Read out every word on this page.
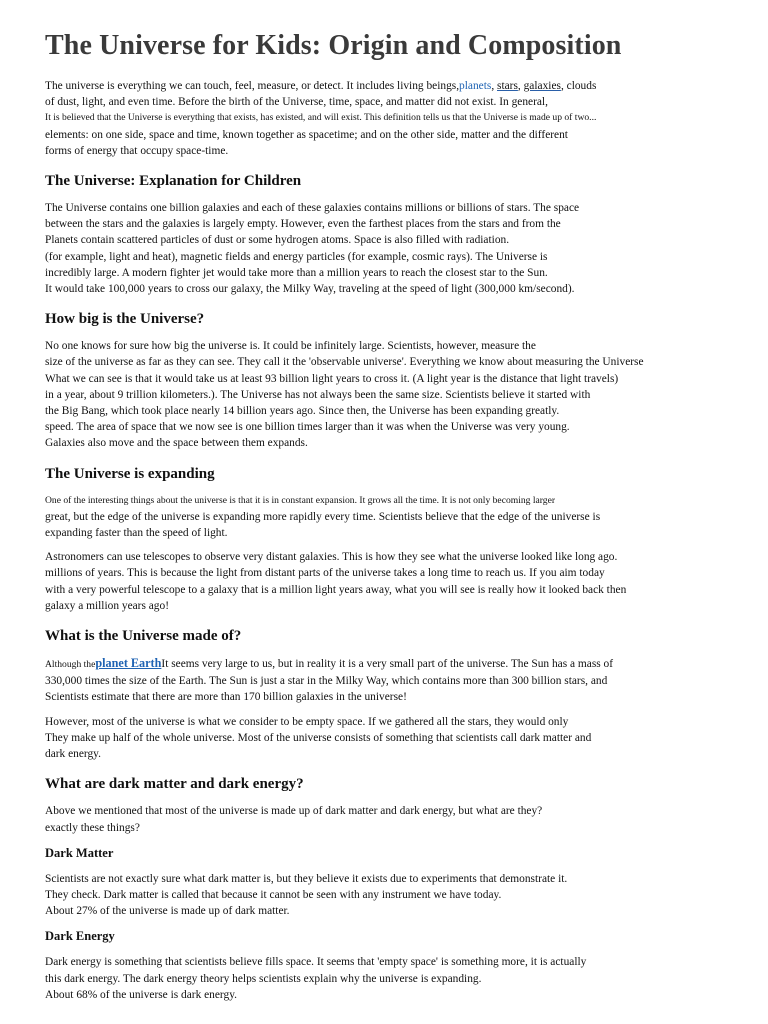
The Universe for Kids: Origin and Composition
The universe is everything we can touch, feel, measure, or detect. It includes living beings,planets, stars, galaxies, clouds
of dust, light, and even time. Before the birth of the Universe, time, space, and matter did not exist. In general,
It is believed that the Universe is everything that exists, has existed, and will exist. This definition tells us that the Universe is made up of two...
elements: on one side, space and time, known together as spacetime; and on the other side, matter and the different
forms of energy that occupy space-time.
The Universe: Explanation for Children
The Universe contains one billion galaxies and each of these galaxies contains millions or billions of stars. The space
between the stars and the galaxies is largely empty. However, even the farthest places from the stars and from the
Planets contain scattered particles of dust or some hydrogen atoms. Space is also filled with radiation.
(for example, light and heat), magnetic fields and energy particles (for example, cosmic rays). The Universe is
incredibly large. A modern fighter jet would take more than a million years to reach the closest star to the Sun.
It would take 100,000 years to cross our galaxy, the Milky Way, traveling at the speed of light (300,000 km/second).
How big is the Universe?
No one knows for sure how big the universe is. It could be infinitely large. Scientists, however, measure the
size of the universe as far as they can see. They call it the 'observable universe'. Everything we know about measuring the Universe
What we can see is that it would take us at least 93 billion light years to cross it. (A light year is the distance that light travels)
in a year, about 9 trillion kilometers.). The Universe has not always been the same size. Scientists believe it started with
the Big Bang, which took place nearly 14 billion years ago. Since then, the Universe has been expanding greatly.
speed. The area of space that we now see is one billion times larger than it was when the Universe was very young.
Galaxies also move and the space between them expands.
The Universe is expanding
One of the interesting things about the universe is that it is in constant expansion. It grows all the time. It is not only becoming larger
great, but the edge of the universe is expanding more rapidly every time. Scientists believe that the edge of the universe is
expanding faster than the speed of light.
Astronomers can use telescopes to observe very distant galaxies. This is how they see what the universe looked like long ago.
millions of years. This is because the light from distant parts of the universe takes a long time to reach us. If you aim today
with a very powerful telescope to a galaxy that is a million light years away, what you will see is really how it looked back then
galaxy a million years ago!
What is the Universe made of?
Although theplanet EarthIt seems very large to us, but in reality it is a very small part of the universe. The Sun has a mass of
330,000 times the size of the Earth. The Sun is just a star in the Milky Way, which contains more than 300 billion stars, and
Scientists estimate that there are more than 170 billion galaxies in the universe!
However, most of the universe is what we consider to be empty space. If we gathered all the stars, they would only
They make up half of the whole universe. Most of the universe consists of something that scientists call dark matter and
dark energy.
What are dark matter and dark energy?
Above we mentioned that most of the universe is made up of dark matter and dark energy, but what are they?
exactly these things?
Dark Matter
Scientists are not exactly sure what dark matter is, but they believe it exists due to experiments that demonstrate it.
They check. Dark matter is called that because it cannot be seen with any instrument we have today.
About 27% of the universe is made up of dark matter.
Dark Energy
Dark energy is something that scientists believe fills space. It seems that 'empty space' is something more, it is actually
this dark energy. The dark energy theory helps scientists explain why the universe is expanding.
About 68% of the universe is dark energy.
